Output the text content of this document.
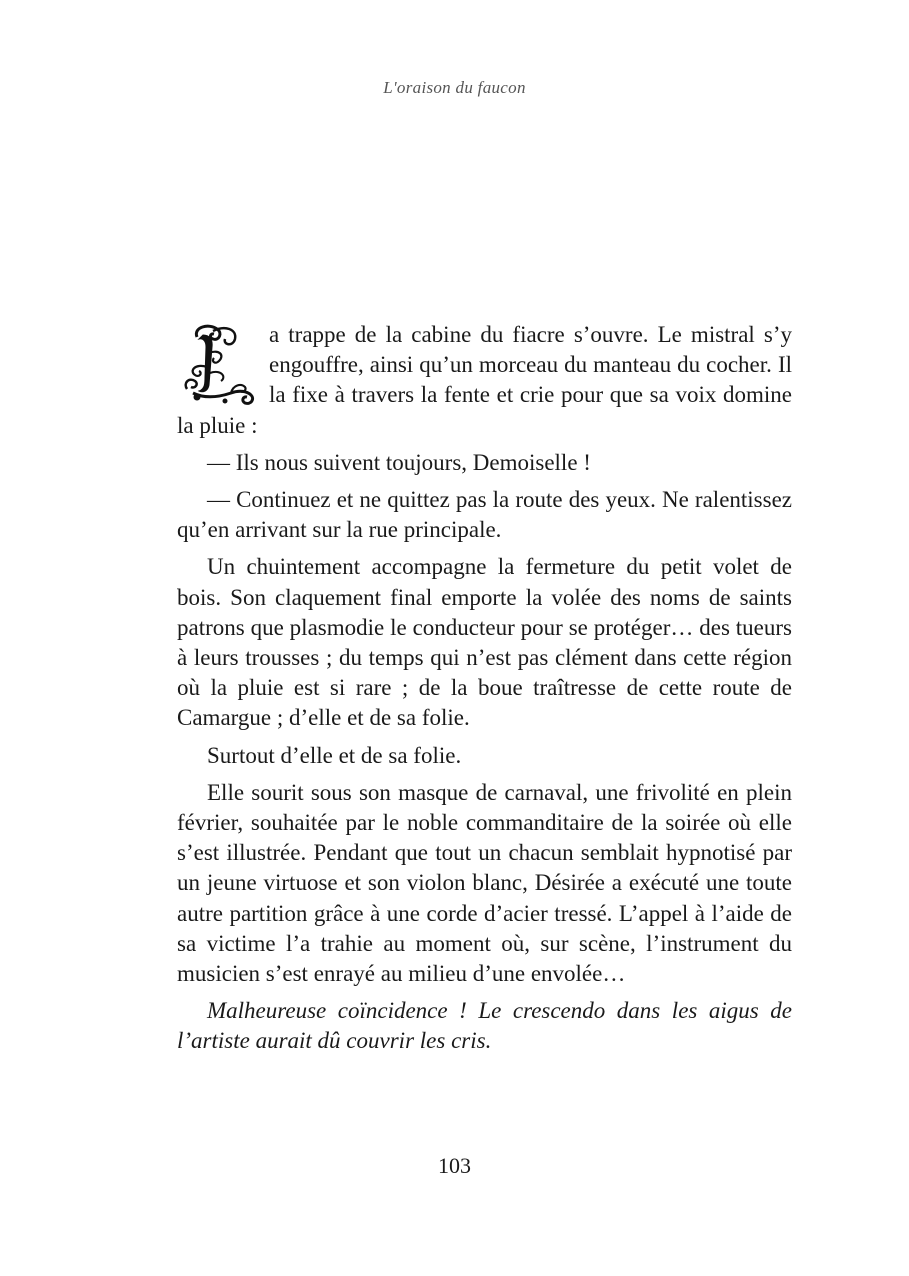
L'oraison du faucon

a trappe de la cabine du fiacre s’ouvre. Le mistral s’y engouffre, ainsi qu’un morceau du manteau du cocher. Il la fixe à travers la fente et crie pour que sa voix domine la pluie :

— Ils nous suivent toujours, Demoiselle !

— Continuez et ne quittez pas la route des yeux. Ne ralentissez qu’en arrivant sur la rue principale.

Un chuintement accompagne la fermeture du petit volet de bois. Son claquement final emporte la volée des noms de saints patrons que plasmodie le conducteur pour se protéger… des tueurs à leurs trousses ; du temps qui n’est pas clément dans cette région où la pluie est si rare ; de la boue traîtresse de cette route de Camargue ; d’elle et de sa folie.

Surtout d’elle et de sa folie.

Elle sourit sous son masque de carnaval, une frivolité en plein février, souhaitée par le noble commanditaire de la soirée où elle s’est illustrée. Pendant que tout un chacun semblait hypnotisé par un jeune virtuose et son violon blanc, Désirée a exécuté une toute autre partition grâce à une corde d’acier tressé. L’appel à l’aide de sa victime l’a trahie au moment où, sur scène, l’instrument du musicien s’est enrayé au milieu d’une envolée…

Malheureuse coïncidence ! Le crescendo dans les aigus de l’artiste aurait dû couvrir les cris.

103
